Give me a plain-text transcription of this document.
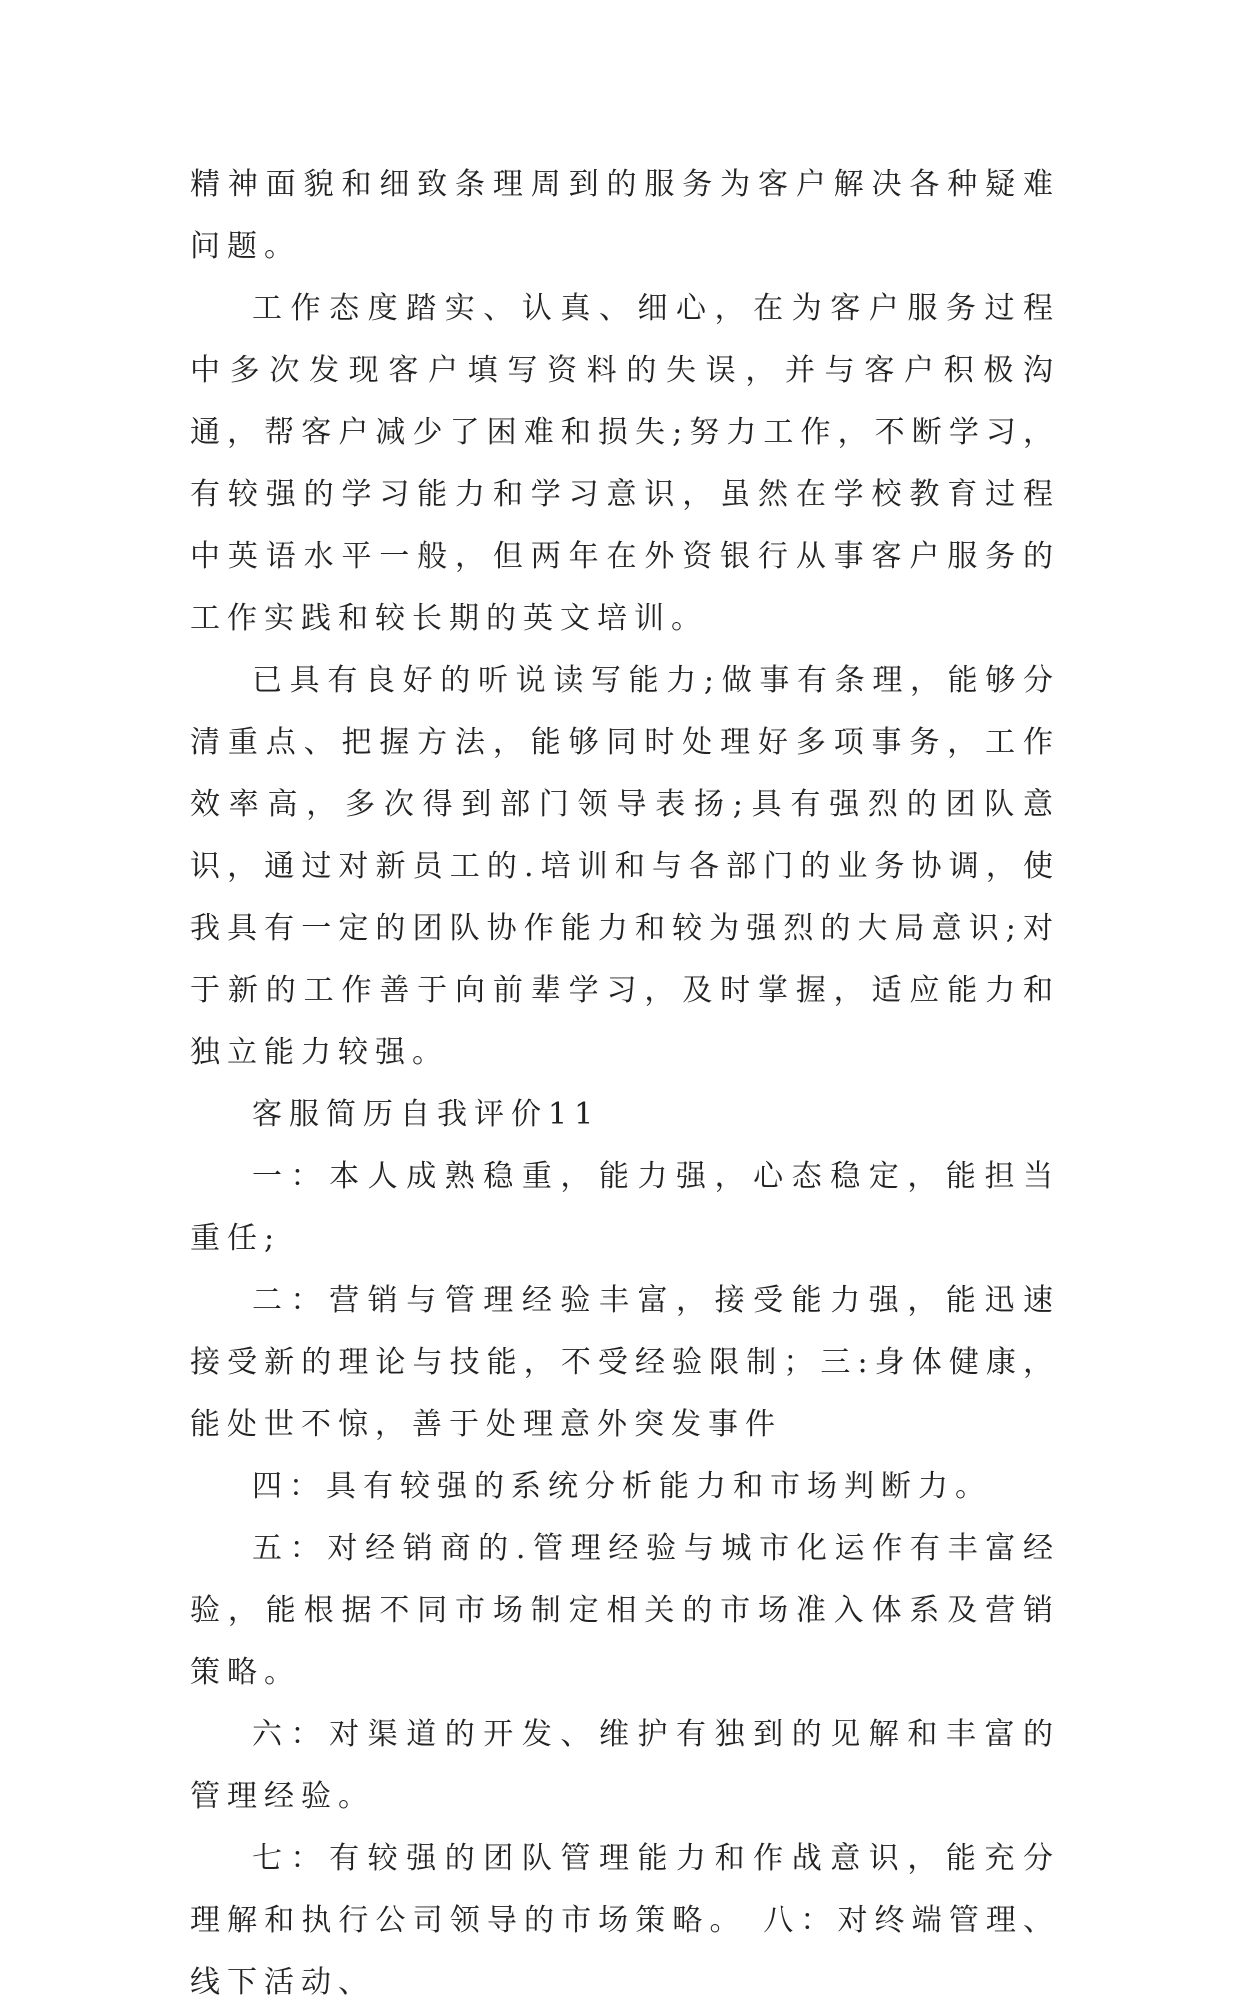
精神面貌和细致条理周到的服务为客户解决各种疑难问题。

工作态度踏实、认真、细心，在为客户服务过程中多次发现客户填写资料的失误，并与客户积极沟通，帮客户减少了困难和损失;努力工作，不断学习，有较强的学习能力和学习意识，虽然在学校教育过程中英语水平一般，但两年在外资银行从事客户服务的工作实践和较长期的英文培训。

已具有良好的听说读写能力;做事有条理，能够分清重点、把握方法，能够同时处理好多项事务，工作效率高，多次得到部门领导表扬;具有强烈的团队意识，通过对新员工的.培训和与各部门的业务协调，使我具有一定的团队协作能力和较为强烈的大局意识;对于新的工作善于向前辈学习，及时掌握，适应能力和独立能力较强。

客服简历自我评价11

一：本人成熟稳重，能力强，心态稳定，能担当重任;

二：营销与管理经验丰富，接受能力强，能迅速接受新的理论与技能，不受经验限制；三:身体健康，能处世不惊，善于处理意外突发事件

四：具有较强的系统分析能力和市场判断力。

五：对经销商的.管理经验与城市化运作有丰富经验，能根据不同市场制定相关的市场准入体系及营销策略。

六：对渠道的开发、维护有独到的见解和丰富的管理经验。

七：有较强的团队管理能力和作战意识，能充分理解和执行公司领导的市场策略。 八：对终端管理、线下活动、
